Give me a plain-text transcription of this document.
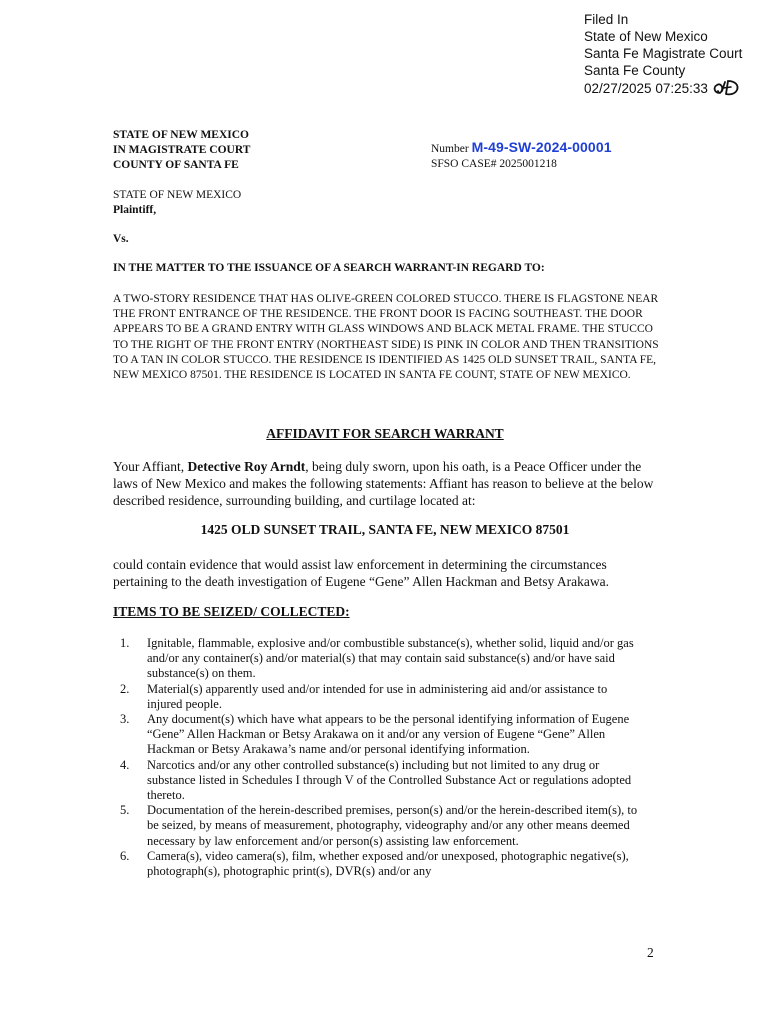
Filed In
State of New Mexico
Santa Fe Magistrate Court
Santa Fe County
02/27/2025 07:25:33
STATE OF NEW MEXICO
IN MAGISTRATE COURT
COUNTY OF SANTA FE
Number M-49-SW-2024-00001
SFSO CASE# 2025001218
STATE OF NEW MEXICO
Plaintiff,
Vs.
IN THE MATTER TO THE ISSUANCE OF A SEARCH WARRANT-IN REGARD TO:
A TWO-STORY RESIDENCE THAT HAS OLIVE-GREEN COLORED STUCCO. THERE IS FLAGSTONE NEAR THE FRONT ENTRANCE OF THE RESIDENCE. THE FRONT DOOR IS FACING SOUTHEAST. THE DOOR APPEARS TO BE A GRAND ENTRY WITH GLASS WINDOWS AND BLACK METAL FRAME. THE STUCCO TO THE RIGHT OF THE FRONT ENTRY (NORTHEAST SIDE) IS PINK IN COLOR AND THEN TRANSITIONS TO A TAN IN COLOR STUCCO. THE RESIDENCE IS IDENTIFIED AS 1425 OLD SUNSET TRAIL, SANTA FE, NEW MEXICO 87501. THE RESIDENCE IS LOCATED IN SANTA FE COUNT, STATE OF NEW MEXICO.
AFFIDAVIT FOR SEARCH WARRANT
Your Affiant, Detective Roy Arndt, being duly sworn, upon his oath, is a Peace Officer under the laws of New Mexico and makes the following statements: Affiant has reason to believe at the below described residence, surrounding building, and curtilage located at:
1425 OLD SUNSET TRAIL, SANTA FE, NEW MEXICO 87501
could contain evidence that would assist law enforcement in determining the circumstances pertaining to the death investigation of Eugene “Gene” Allen Hackman and Betsy Arakawa.
ITEMS TO BE SEIZED/ COLLECTED:
1. Ignitable, flammable, explosive and/or combustible substance(s), whether solid, liquid and/or gas and/or any container(s) and/or material(s) that may contain said substance(s) and/or have said substance(s) on them.
2. Material(s) apparently used and/or intended for use in administering aid and/or assistance to injured people.
3. Any document(s) which have what appears to be the personal identifying information of Eugene “Gene” Allen Hackman or Betsy Arakawa on it and/or any version of Eugene “Gene” Allen Hackman or Betsy Arakawa’s name and/or personal identifying information.
4. Narcotics and/or any other controlled substance(s) including but not limited to any drug or substance listed in Schedules I through V of the Controlled Substance Act or regulations adopted thereto.
5. Documentation of the herein-described premises, person(s) and/or the herein-described item(s), to be seized, by means of measurement, photography, videography and/or any other means deemed necessary by law enforcement and/or person(s) assisting law enforcement.
6. Camera(s), video camera(s), film, whether exposed and/or unexposed, photographic negative(s), photograph(s), photographic print(s), DVR(s) and/or any
2
